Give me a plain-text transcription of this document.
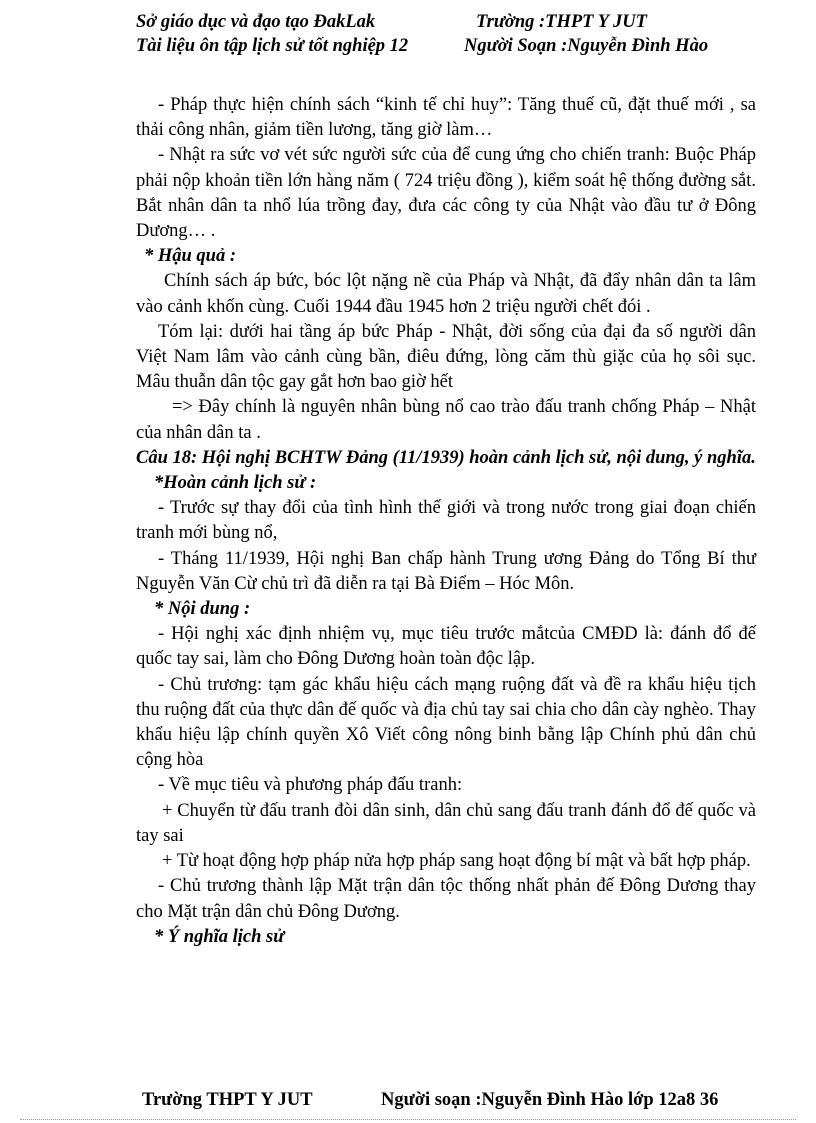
Sở giáo dục và đạo tạo ĐakLak	Trường :THPT Y JUT
Tài liệu ôn tập lịch sử tốt nghiệp 12	Người Soạn :Nguyễn Đình Hào

- Pháp thực hiện chính sách “kinh tế chỉ huy”: Tăng thuế cũ, đặt thuế mới , sa thải công nhân, giảm tiền lương, tăng giờ làm…

- Nhật ra sức vơ vét sức người sức của để cung ứng cho chiến tranh: Buộc Pháp phải nộp khoản tiền lớn hàng năm ( 724 triệu đồng ), kiểm soát hệ thống đường sắt. Bắt nhân dân ta nhổ lúa trồng đay, đưa các công ty của Nhật vào đầu tư ở Đông Dương… .

* Hậu quả :

Chính sách áp bức, bóc lột nặng nề của Pháp và Nhật, đã đẩy nhân dân ta lâm vào cảnh khốn cùng. Cuối 1944 đầu 1945 hơn 2 triệu người chết đói .

Tóm lại: dưới hai tầng áp bức Pháp - Nhật, đời sống của đại đa số người dân Việt Nam lâm vào cảnh cùng bần, điêu đứng, lòng căm thù giặc của họ sôi sục. Mâu thuẫn dân tộc gay gắt hơn bao giờ hết

=> Đây chính là nguyên nhân bùng nổ cao trào đấu tranh chống Pháp – Nhật của nhân dân ta .

Câu 18: Hội nghị BCHTW Đảng (11/1939) hoàn cảnh lịch sử, nội dung, ý nghĩa.

*Hoàn cảnh lịch sử :

- Trước sự thay đổi của tình hình thế giới và trong nước trong giai đoạn chiến tranh mới bùng nổ,

- Tháng 11/1939, Hội nghị Ban chấp hành Trung ương Đảng do Tổng Bí thư Nguyễn Văn Cừ chủ trì đã diễn ra tại Bà Điểm – Hóc Môn.

* Nội dung :

- Hội nghị xác định nhiệm vụ, mục tiêu trước mắtcủa CMĐD là: đánh đổ đế quốc tay sai, làm cho Đông Dương hoàn toàn độc lập.

- Chủ trương: tạm gác khẩu hiệu cách mạng ruộng đất và đề ra khẩu hiệu tịch thu ruộng đất của thực dân đế quốc và địa chủ tay sai chia cho dân cày nghèo. Thay khẩu hiệu lập chính quyền Xô Viết công nông binh bằng lập Chính phủ dân chủ cộng hòa

- Về mục tiêu và phương pháp đấu tranh:

+ Chuyển từ đấu tranh đòi dân sinh, dân chủ sang đấu tranh đánh đổ đế quốc và tay sai

+ Từ hoạt động hợp pháp nửa hợp pháp sang hoạt động bí mật và bất hợp pháp.

- Chủ trương thành lập Mặt trận dân tộc thống nhất phản đế Đông Dương thay cho Mặt trận dân chủ Đông Dương.

* Ý nghĩa lịch sử

Trường THPT Y JUT	Người soạn :Nguyễn Đình Hào lớp 12a8 36
